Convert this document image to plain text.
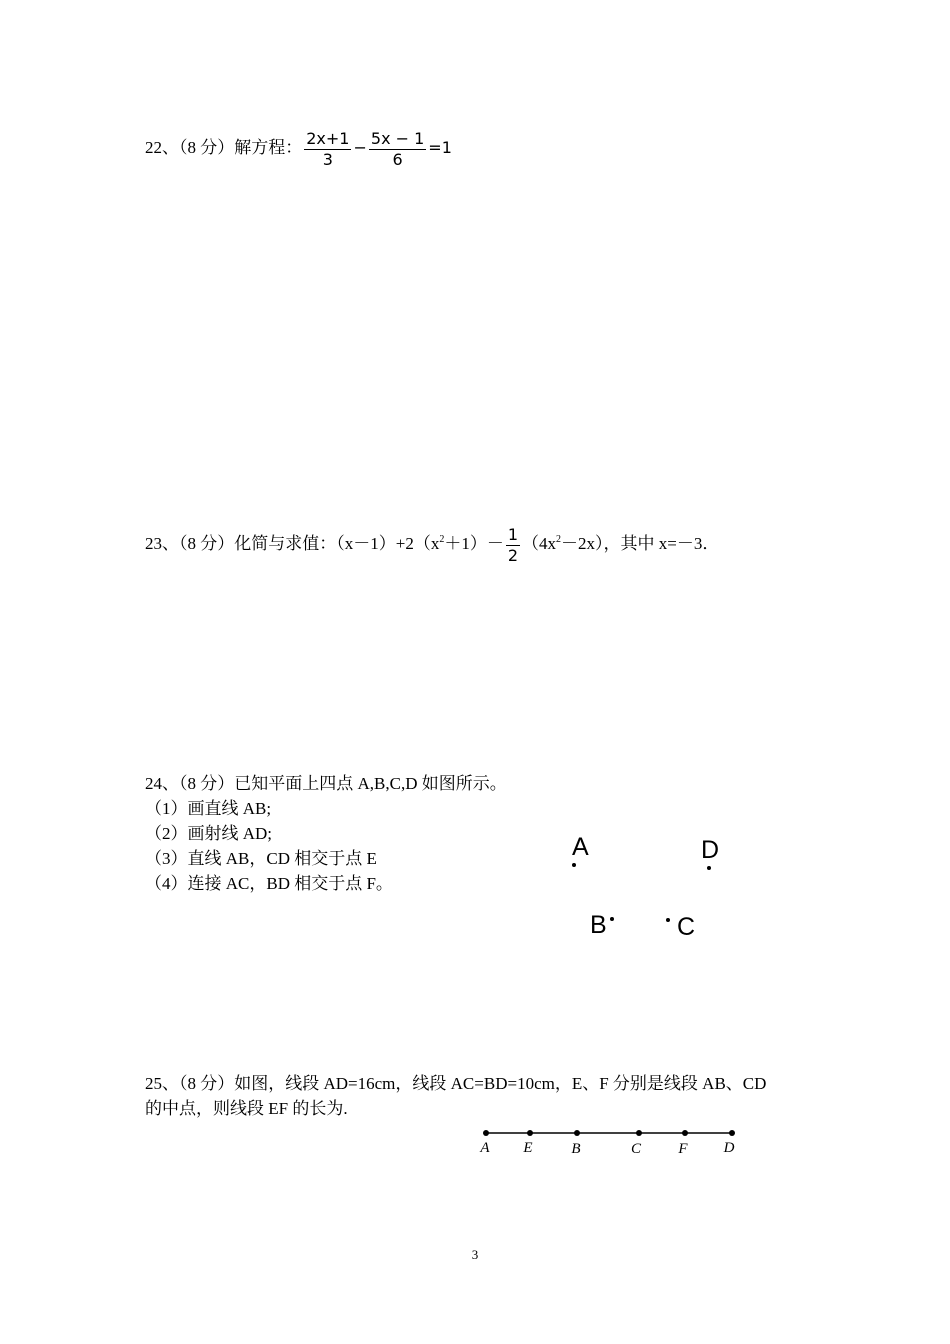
22、（8 分）解方程： $\frac{2x+1}{3} - \frac{5x - 1}{6} =1$
23、（8 分）化简与求值：$(x-1)+2(x^2+1)- \frac{1}{2} (4x^2-2x)$，其中 x=－3．
24、（8 分）已知平面上四点 A,B,C,D 如图所示。
（1）画直线 AB;
（2）画射线 AD;
（3）直线 AB，CD 相交于点 E
（4）连接 AC，BD 相交于点 F。
A	D
B	C
25、（8 分）如图，线段 AD=16cm，线段 AC=BD=10cm，E、F 分别是线段 AB、CD
的中点，则线段 EF 的长为.
A E	B	C F D
3
